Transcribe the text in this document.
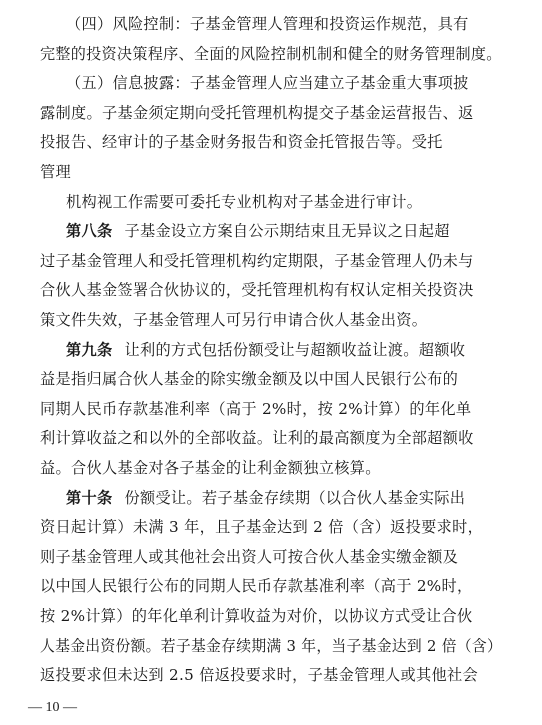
（四）风险控制：子基金管理人管理和投资运作规范，具有
完整的投资决策程序、全面的风险控制机制和健全的财务管理制度。
（五）信息披露：子基金管理人应当建立子基金重大事项披
露制度。子基金须定期向受托管理机构提交子基金运营报告、返
投报告、经审计的子基金财务报告和资金托管报告等。受托
管理
机构视工作需要可委托专业机构对子基金进行审计。
第八条 子基金设立方案自公示期结束且无异议之日起超
过子基金管理人和受托管理机构约定期限，子基金管理人仍未与
合伙人基金签署合伙协议的，受托管理机构有权认定相关投资决
策文件失效，子基金管理人可另行申请合伙人基金出资。
第九条 让利的方式包括份额受让与超额收益让渡。超额收
益是指归属合伙人基金的除实缴金额及以中国人民银行公布的
同期人民币存款基准利率（高于 2%时，按 2%计算）的年化单
利计算收益之和以外的全部收益。让利的最高额度为全部超额收
益。合伙人基金对各子基金的让利金额独立核算。
第十条 份额受让。若子基金存续期（以合伙人基金实际出
资日起计算）未满 3 年，且子基金达到 2 倍（含）返投要求时，
则子基金管理人或其他社会出资人可按合伙人基金实缴金额及
以中国人民银行公布的同期人民币存款基准利率（高于 2%时，
按 2%计算）的年化单利计算收益为对价，以协议方式受让合伙
人基金出资份额。若子基金存续期满 3 年，当子基金达到 2 倍（含）
返投要求但未达到 2.5 倍返投要求时，子基金管理人或其他社会
— 10 —
